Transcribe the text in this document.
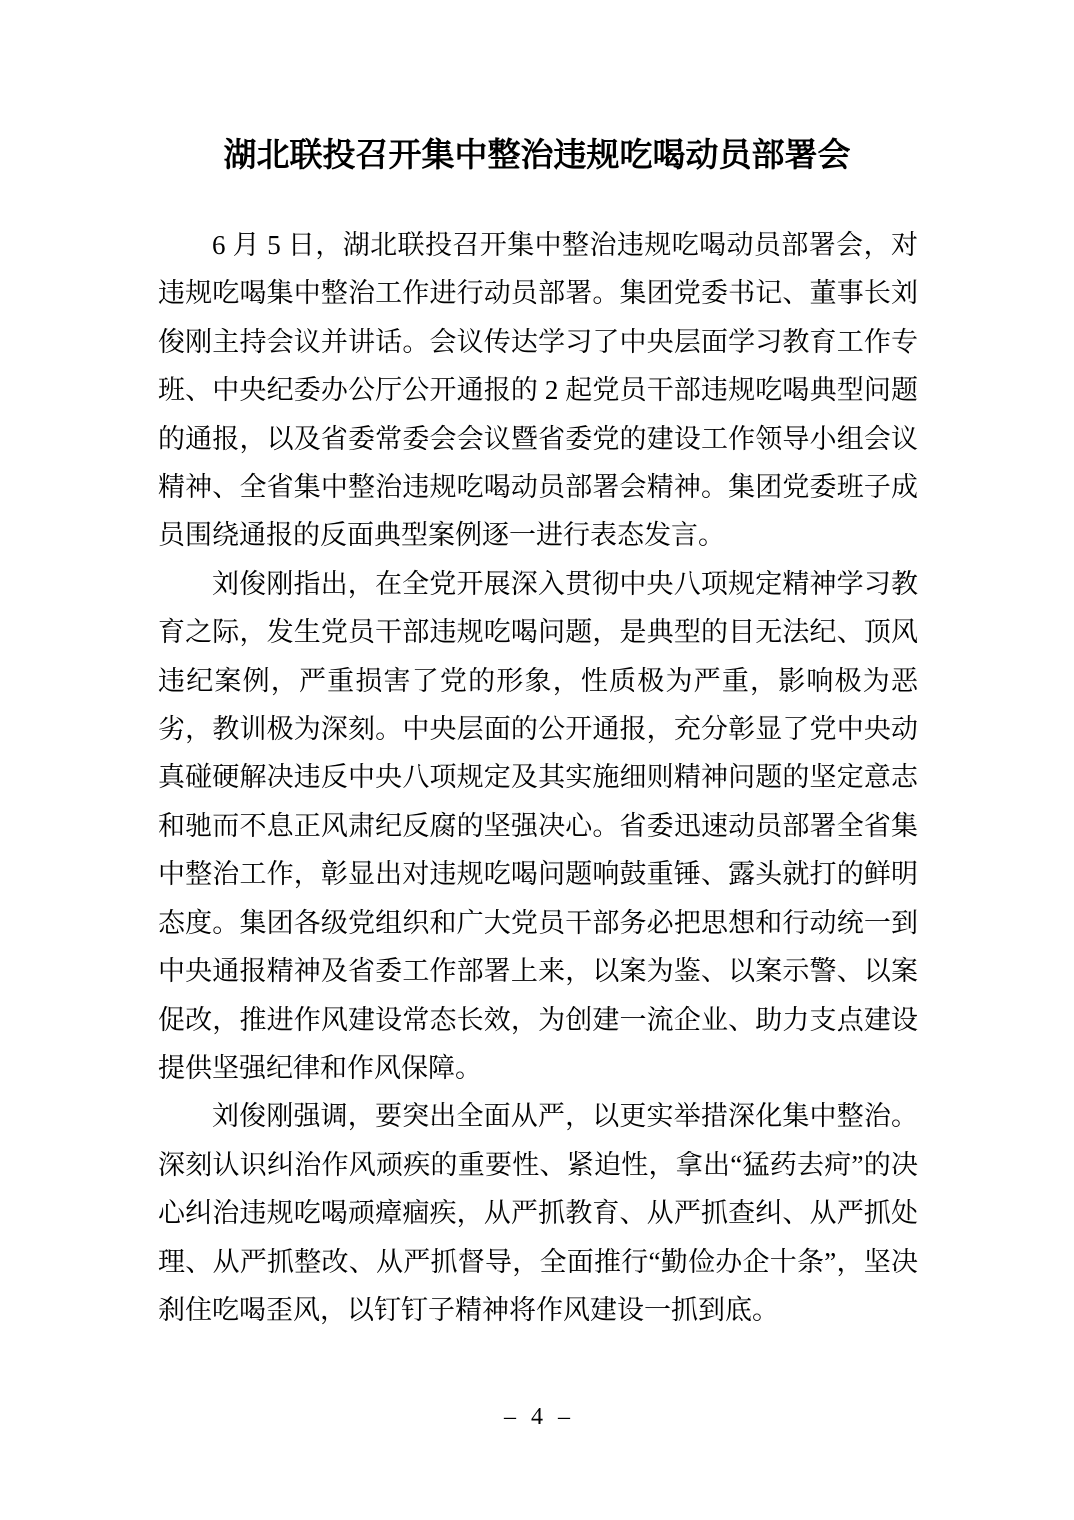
湖北联投召开集中整治违规吃喝动员部署会

6 月 5 日，湖北联投召开集中整治违规吃喝动员部署会，对违规吃喝集中整治工作进行动员部署。集团党委书记、董事长刘俊刚主持会议并讲话。会议传达学习了中央层面学习教育工作专班、中央纪委办公厅公开通报的 2 起党员干部违规吃喝典型问题的通报，以及省委常委会会议暨省委党的建设工作领导小组会议精神、全省集中整治违规吃喝动员部署会精神。集团党委班子成员围绕通报的反面典型案例逐一进行表态发言。

刘俊刚指出，在全党开展深入贯彻中央八项规定精神学习教育之际，发生党员干部违规吃喝问题，是典型的目无法纪、顶风违纪案例，严重损害了党的形象，性质极为严重，影响极为恶劣，教训极为深刻。中央层面的公开通报，充分彰显了党中央动真碰硬解决违反中央八项规定及其实施细则精神问题的坚定意志和驰而不息正风肃纪反腐的坚强决心。省委迅速动员部署全省集中整治工作，彰显出对违规吃喝问题响鼓重锤、露头就打的鲜明态度。集团各级党组织和广大党员干部务必把思想和行动统一到中央通报精神及省委工作部署上来，以案为鉴、以案示警、以案促改，推进作风建设常态长效，为创建一流企业、助力支点建设提供坚强纪律和作风保障。

刘俊刚强调，要突出全面从严，以更实举措深化集中整治。深刻认识纠治作风顽疾的重要性、紧迫性，拿出“猛药去疴”的决心纠治违规吃喝顽瘴痼疾，从严抓教育、从严抓查纠、从严抓处理、从严抓整改、从严抓督导，全面推行“勤俭办企十条”，坚决刹住吃喝歪风，以钉钉子精神将作风建设一抓到底。

– 4 –
